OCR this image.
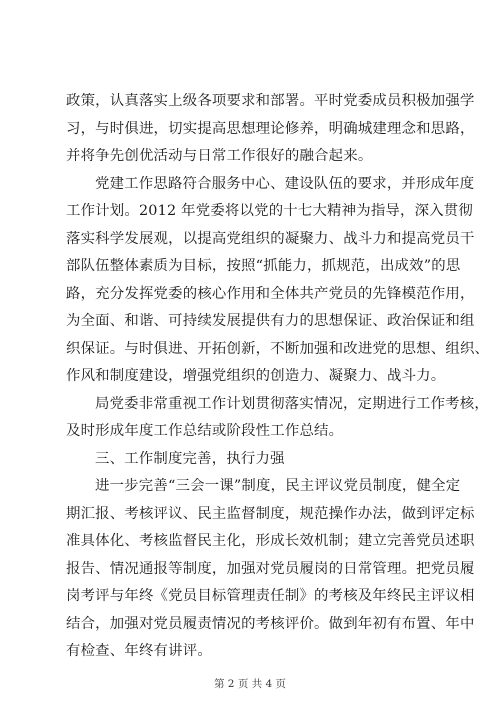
政策，认真落实上级各项要求和部署。平时党委成员积极加强学
习，与时俱进，切实提高思想理论修养，明确城建理念和思路，
并将争先创优活动与日常工作很好的融合起来。
党建工作思路符合服务中心、建设队伍的要求，并形成年度
工作计划。2012 年党委将以党的十七大精神为指导，深入贯彻
落实科学发展观，以提高党组织的凝聚力、战斗力和提高党员干
部队伍整体素质为目标，按照“抓能力，抓规范，出成效”的思
路，充分发挥党委的核心作用和全体共产党员的先锋模范作用，
为全面、和谐、可持续发展提供有力的思想保证、政治保证和组
织保证。与时俱进、开拓创新，不断加强和改进党的思想、组织、
作风和制度建设，增强党组织的创造力、凝聚力、战斗力。
局党委非常重视工作计划贯彻落实情况，定期进行工作考核，
及时形成年度工作总结或阶段性工作总结。
三、工作制度完善，执行力强
进一步完善“三会一课”制度，民主评议党员制度，健全定
期汇报、考核评议、民主监督制度，规范操作办法，做到评定标
准具体化、考核监督民主化，形成长效机制；建立完善党员述职
报告、情况通报等制度，加强对党员履岗的日常管理。把党员履
岗考评与年终《党员目标管理责任制》的考核及年终民主评议相
结合，加强对党员履责情况的考核评价。做到年初有布置、年中
有检查、年终有讲评。
第 2 页 共 4 页
